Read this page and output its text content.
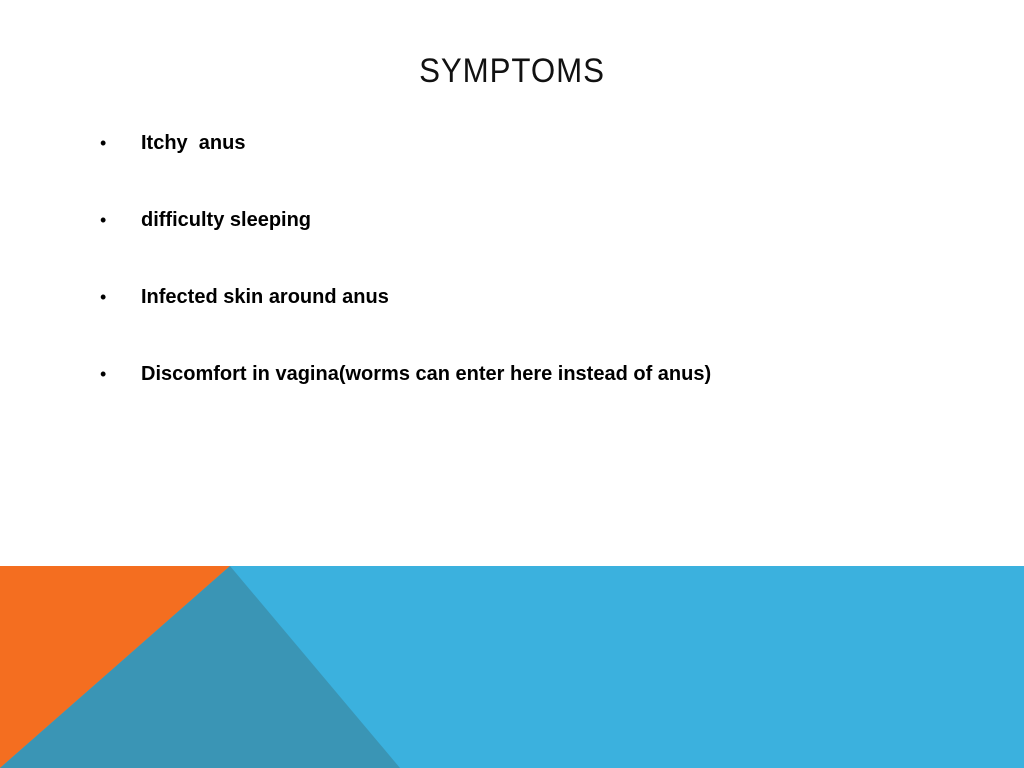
SYMPTOMS
• Itchy  anus
• difficulty sleeping
• Infected skin around anus
• Discomfort in vagina(worms can enter here instead of anus)
